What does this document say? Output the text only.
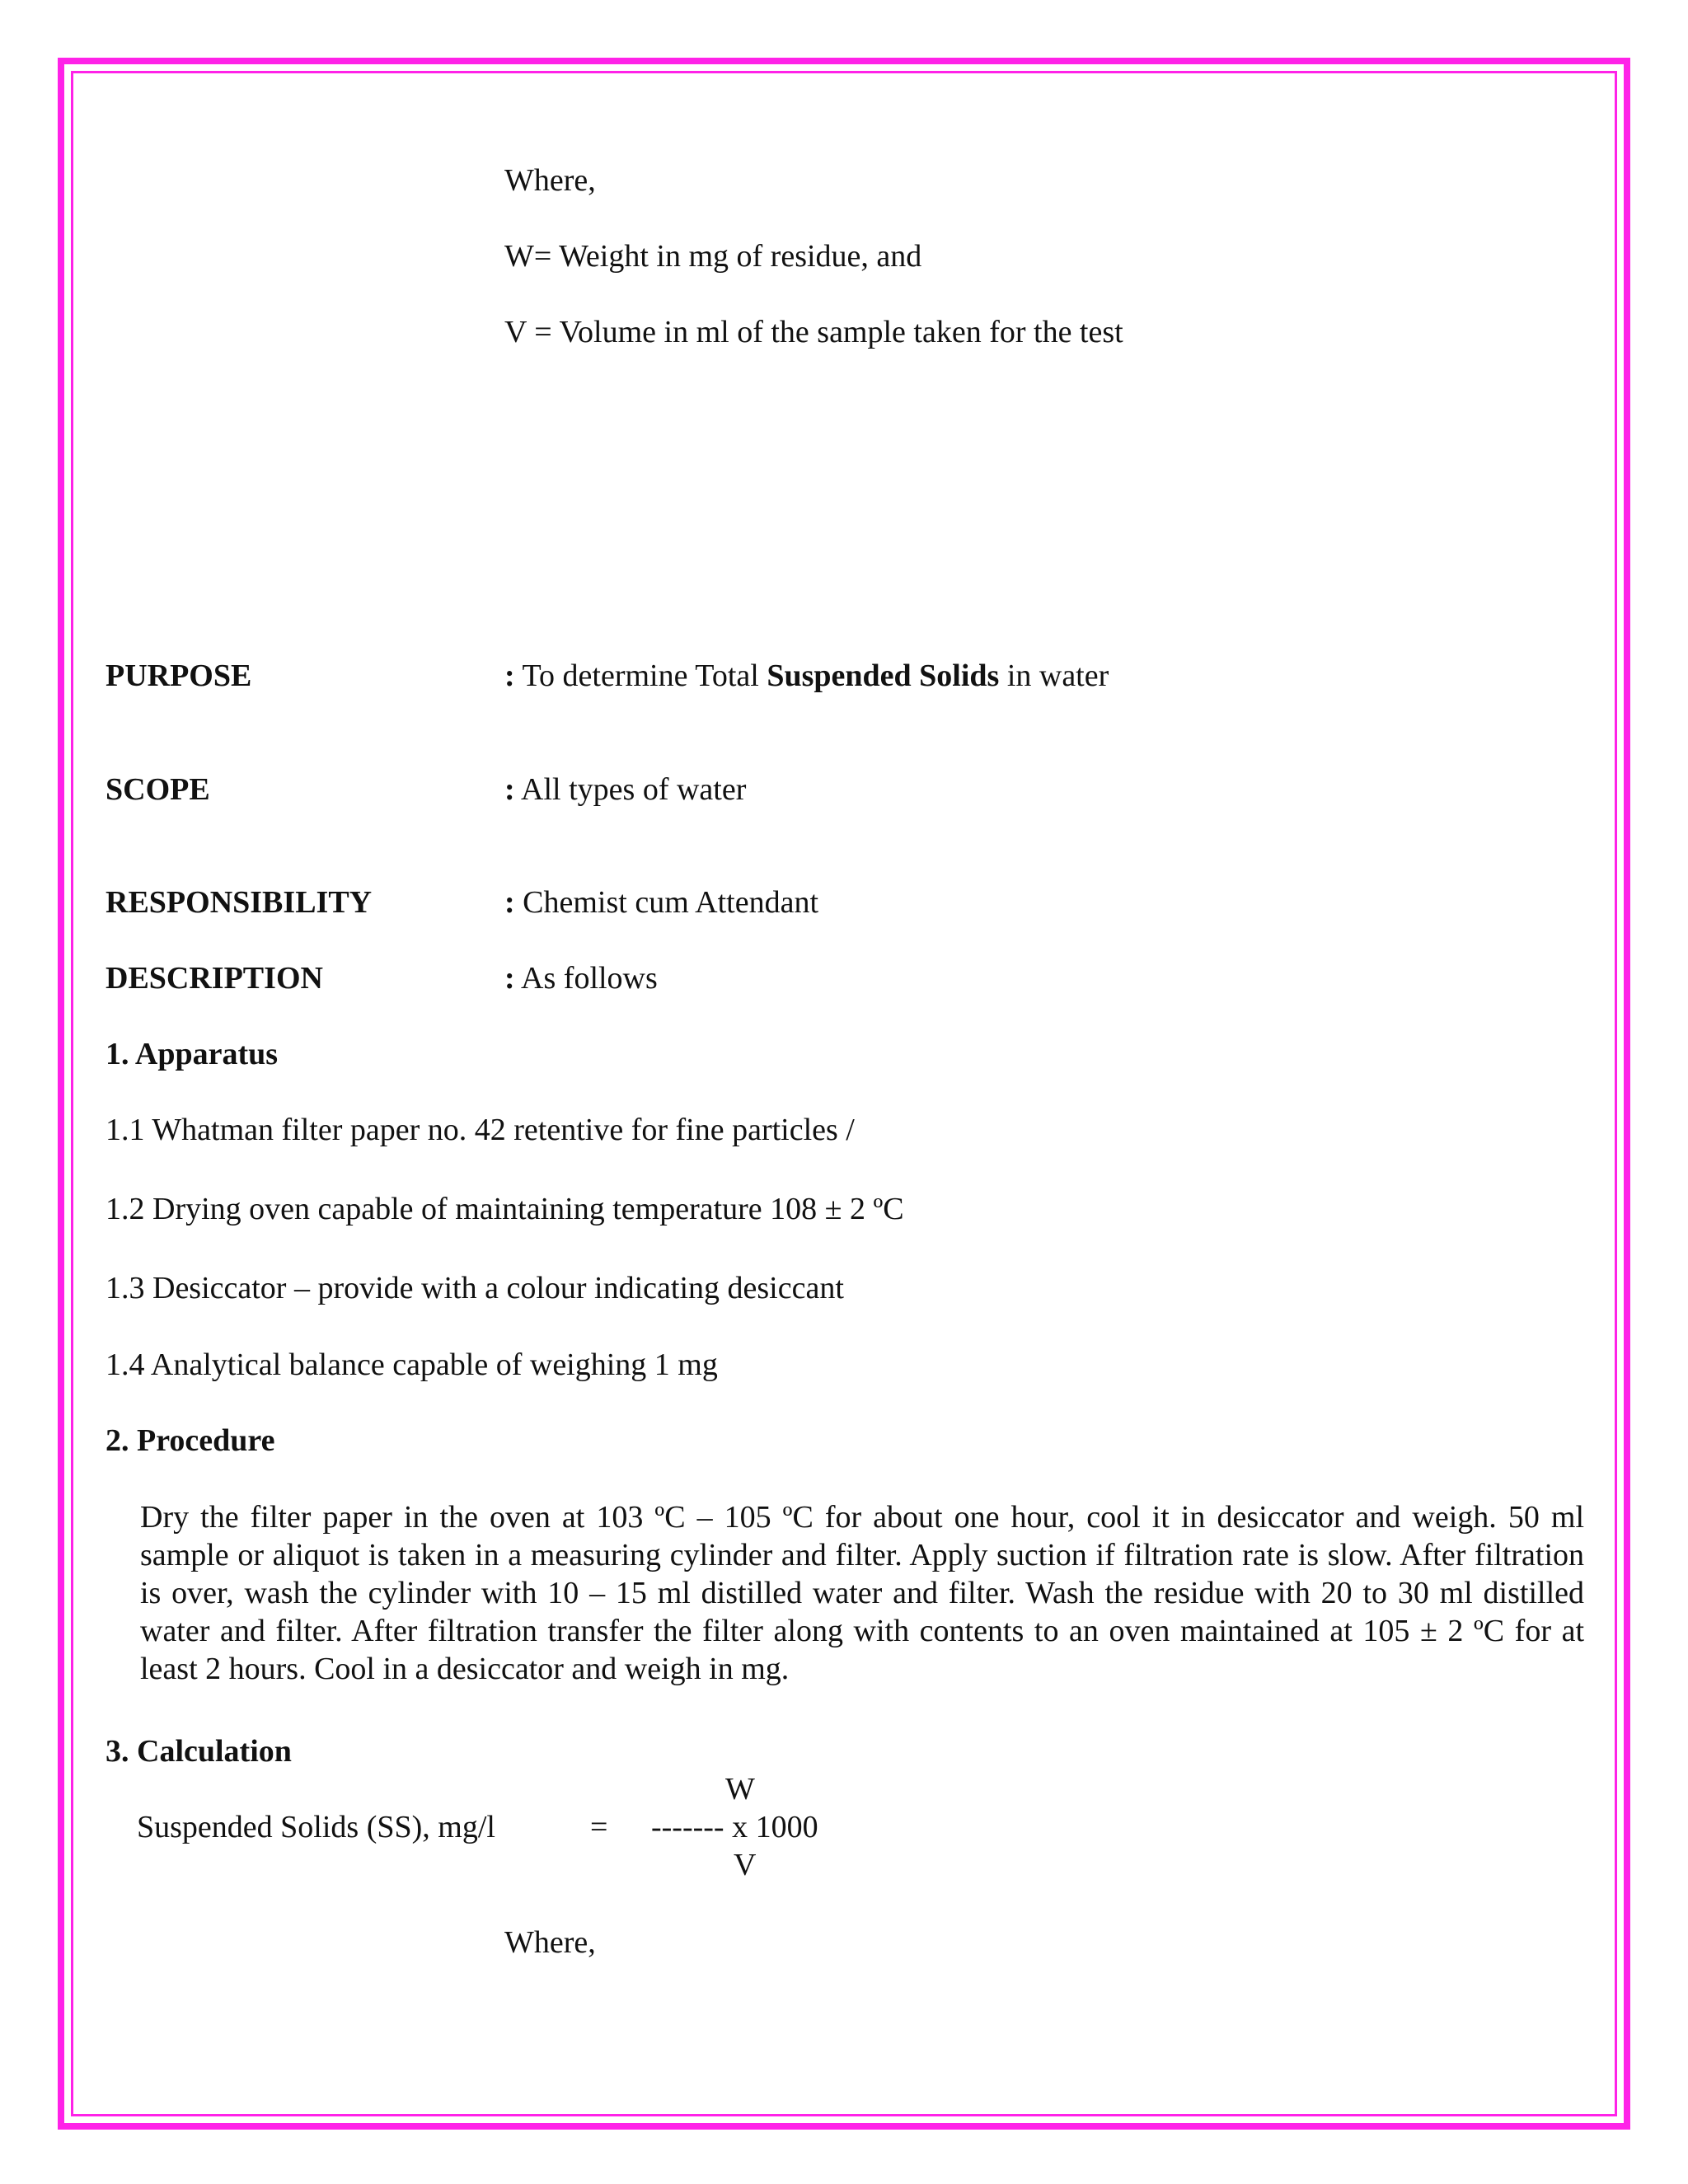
Where,
W= Weight in mg of residue, and
V = Volume in ml of the sample taken for the test
PURPOSE	: To determine Total Suspended Solids in water
SCOPE	: All types of water
RESPONSIBILITY	: Chemist cum Attendant
DESCRIPTION	: As follows
1. Apparatus
1.1 Whatman filter paper no. 42 retentive for fine particles /
1.2 Drying oven capable of maintaining temperature 108 ± 2 ºC
1.3 Desiccator – provide with a colour indicating desiccant
1.4 Analytical balance capable of weighing 1 mg
2. Procedure
Dry the filter paper in the oven at 103 ºC – 105 ºC for about one hour, cool it in desiccator and weigh. 50 ml sample or aliquot is taken in a measuring cylinder and filter. Apply suction if filtration rate is slow. After filtration is over, wash the cylinder with 10 – 15 ml distilled water and filter. Wash the residue with 20 to 30 ml distilled water and filter. After filtration transfer the filter along with contents to an oven maintained at 105 ± 2 ºC for at least 2 hours. Cool in a desiccator and weigh in mg.
3. Calculation
W
Suspended Solids (SS), mg/l	= ------- x 1000
V
Where,
